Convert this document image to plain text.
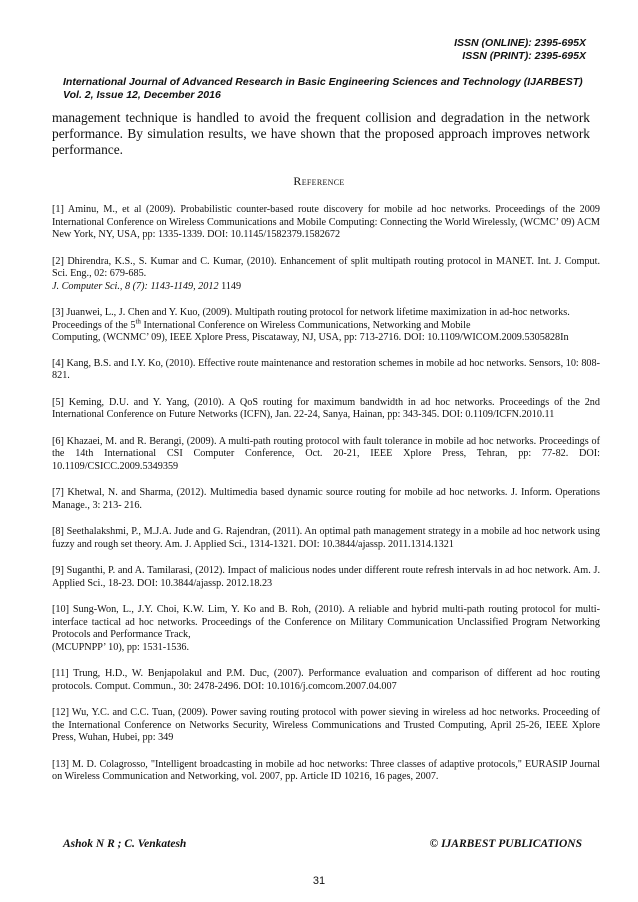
ISSN (ONLINE): 2395-695X
ISSN (PRINT): 2395-695X
International Journal of Advanced Research in Basic Engineering Sciences and Technology (IJARBEST)
Vol. 2, Issue 12, December 2016
management technique is handled to avoid the frequent collision and degradation in the network performance. By simulation results, we have shown that the proposed approach improves network performance.
Reference

[1] Aminu, M., et al (2009). Probabilistic counter-based route discovery for mobile ad hoc networks. Proceedings of the 2009 International Conference on Wireless Communications and Mobile Computing: Connecting the World Wirelessly, (WCMC’ 09) ACM New York, NY, USA, pp: 1335-1339. DOI: 10.1145/1582379.1582672

[2] Dhirendra, K.S., S. Kumar and C. Kumar, (2010). Enhancement of split multipath routing protocol in MANET. Int. J. Comput. Sci. Eng., 02: 679-685.

J. Computer Sci., 8 (7): 1143-1149, 2012 1149

[3] Juanwei, L., J. Chen and Y. Kuo, (2009). Multipath routing protocol for network lifetime maximization in ad-hoc networks. Proceedings of the 5th International Conference on Wireless Communications, Networking and Mobile

Computing, (WCNMC’ 09), IEEE Xplore Press, Piscataway, NJ, USA, pp: 713-2716. DOI: 10.1109/WICOM.2009.5305828In

[4] Kang, B.S. and I.Y. Ko, (2010). Effective route maintenance and restoration schemes in mobile ad hoc networks. Sensors, 10: 808-821.

[5] Keming, D.U. and Y. Yang, (2010). A QoS routing for maximum bandwidth in ad hoc networks. Proceedings of the 2nd International Conference on Future Networks (ICFN), Jan. 22-24, Sanya, Hainan, pp: 343-345. DOI: 0.1109/ICFN.2010.11

[6] Khazaei, M. and R. Berangi, (2009). A multi-path routing protocol with fault tolerance in mobile ad hoc networks. Proceedings of the 14th International CSI Computer Conference, Oct. 20-21, IEEE Xplore Press, Tehran, pp: 77-82. DOI: 10.1109/CSICC.2009.5349359

[7] Khetwal, N. and Sharma, (2012). Multimedia based dynamic source routing for mobile ad hoc networks. J. Inform. Operations Manage., 3: 213- 216.

[8] Seethalakshmi, P., M.J.A. Jude and G. Rajendran, (2011). An optimal path management strategy in a mobile ad hoc network using fuzzy and rough set theory. Am. J. Applied Sci., 1314-1321. DOI: 10.3844/ajassp. 2011.1314.1321

[9] Suganthi, P. and A. Tamilarasi, (2012). Impact of malicious nodes under different route refresh intervals in ad hoc network. Am. J. Applied Sci., 18-23. DOI: 10.3844/ajassp. 2012.18.23

[10] Sung-Won, L., J.Y. Choi, K.W. Lim, Y. Ko and B. Roh, (2010). A reliable and hybrid multi-path routing protocol for multi-interface tactical ad hoc networks. Proceedings of the Conference on Military Communication Unclassified Program Networking Protocols and Performance Track,

(MCUPNPP’ 10), pp: 1531-1536.

[11] Trung, H.D., W. Benjapolakul and P.M. Duc, (2007). Performance evaluation and comparison of different ad hoc routing protocols. Comput. Commun., 30: 2478-2496. DOI: 10.1016/j.comcom.2007.04.007

[12] Wu, Y.C. and C.C. Tuan, (2009). Power saving routing protocol with power sieving in wireless ad hoc networks. Proceeding of the International Conference on Networks Security, Wireless Communications and Trusted Computing, April 25-26, IEEE Xplore Press, Wuhan, Hubei, pp: 349

[13] M. D. Colagrosso, "Intelligent broadcasting in mobile ad hoc networks: Three classes of adaptive protocols," EURASIP Journal on Wireless Communication and Networking, vol. 2007, pp. Article ID 10216, 16 pages, 2007.

Ashok N R ; C. Venkatesh	© IJARBEST PUBLICATIONS
31
